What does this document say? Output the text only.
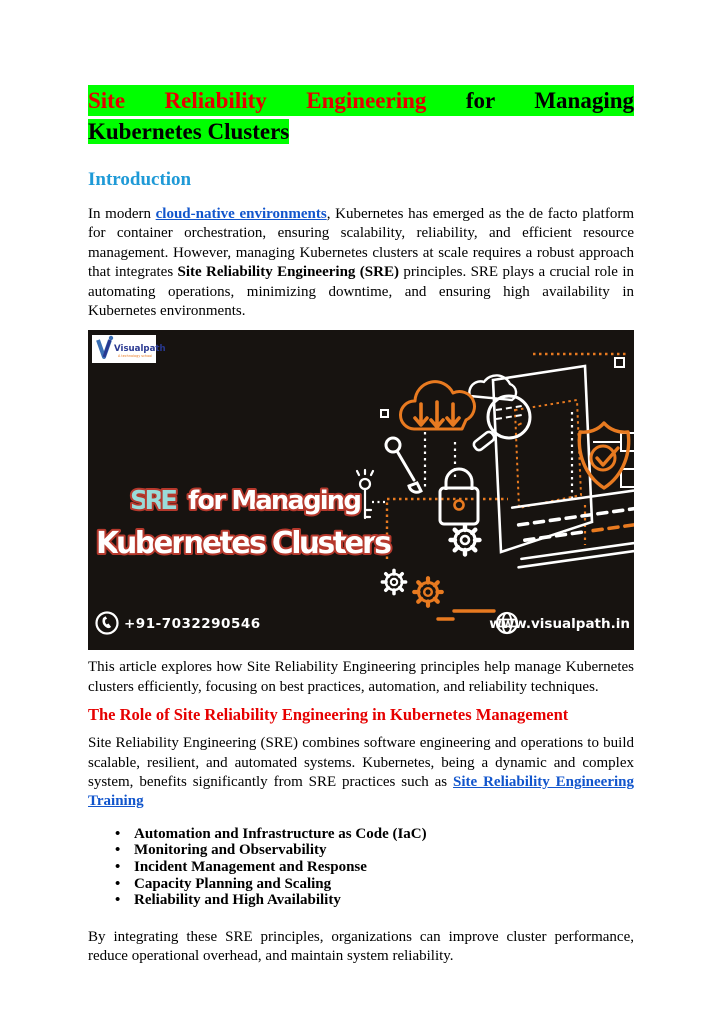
Site Reliability Engineering for Managing
Kubernetes Clusters
Introduction

In modern cloud-native environments, Kubernetes has emerged as the de facto platform for container orchestration, ensuring scalability, reliability, and efficient resource management. However, managing Kubernetes clusters at scale requires a robust approach that integrates Site Reliability Engineering (SRE) principles. SRE plays a crucial role in automating operations, minimizing downtime, and ensuring high availability in Kubernetes environments.

Visualpath
A technology school
SRE for Managing
Kubernetes Clusters
+91-7032290546	www.visualpath.in

This article explores how Site Reliability Engineering principles help manage Kubernetes clusters efficiently, focusing on best practices, automation, and reliability techniques.

The Role of Site Reliability Engineering in Kubernetes Management

Site Reliability Engineering (SRE) combines software engineering and operations to build scalable, resilient, and automated systems. Kubernetes, being a dynamic and complex system, benefits significantly from SRE practices such as Site Reliability Engineering Training

• Automation and Infrastructure as Code (IaC)
• Monitoring and Observability
• Incident Management and Response
• Capacity Planning and Scaling
• Reliability and High Availability

By integrating these SRE principles, organizations can improve cluster performance, reduce operational overhead, and maintain system reliability.
